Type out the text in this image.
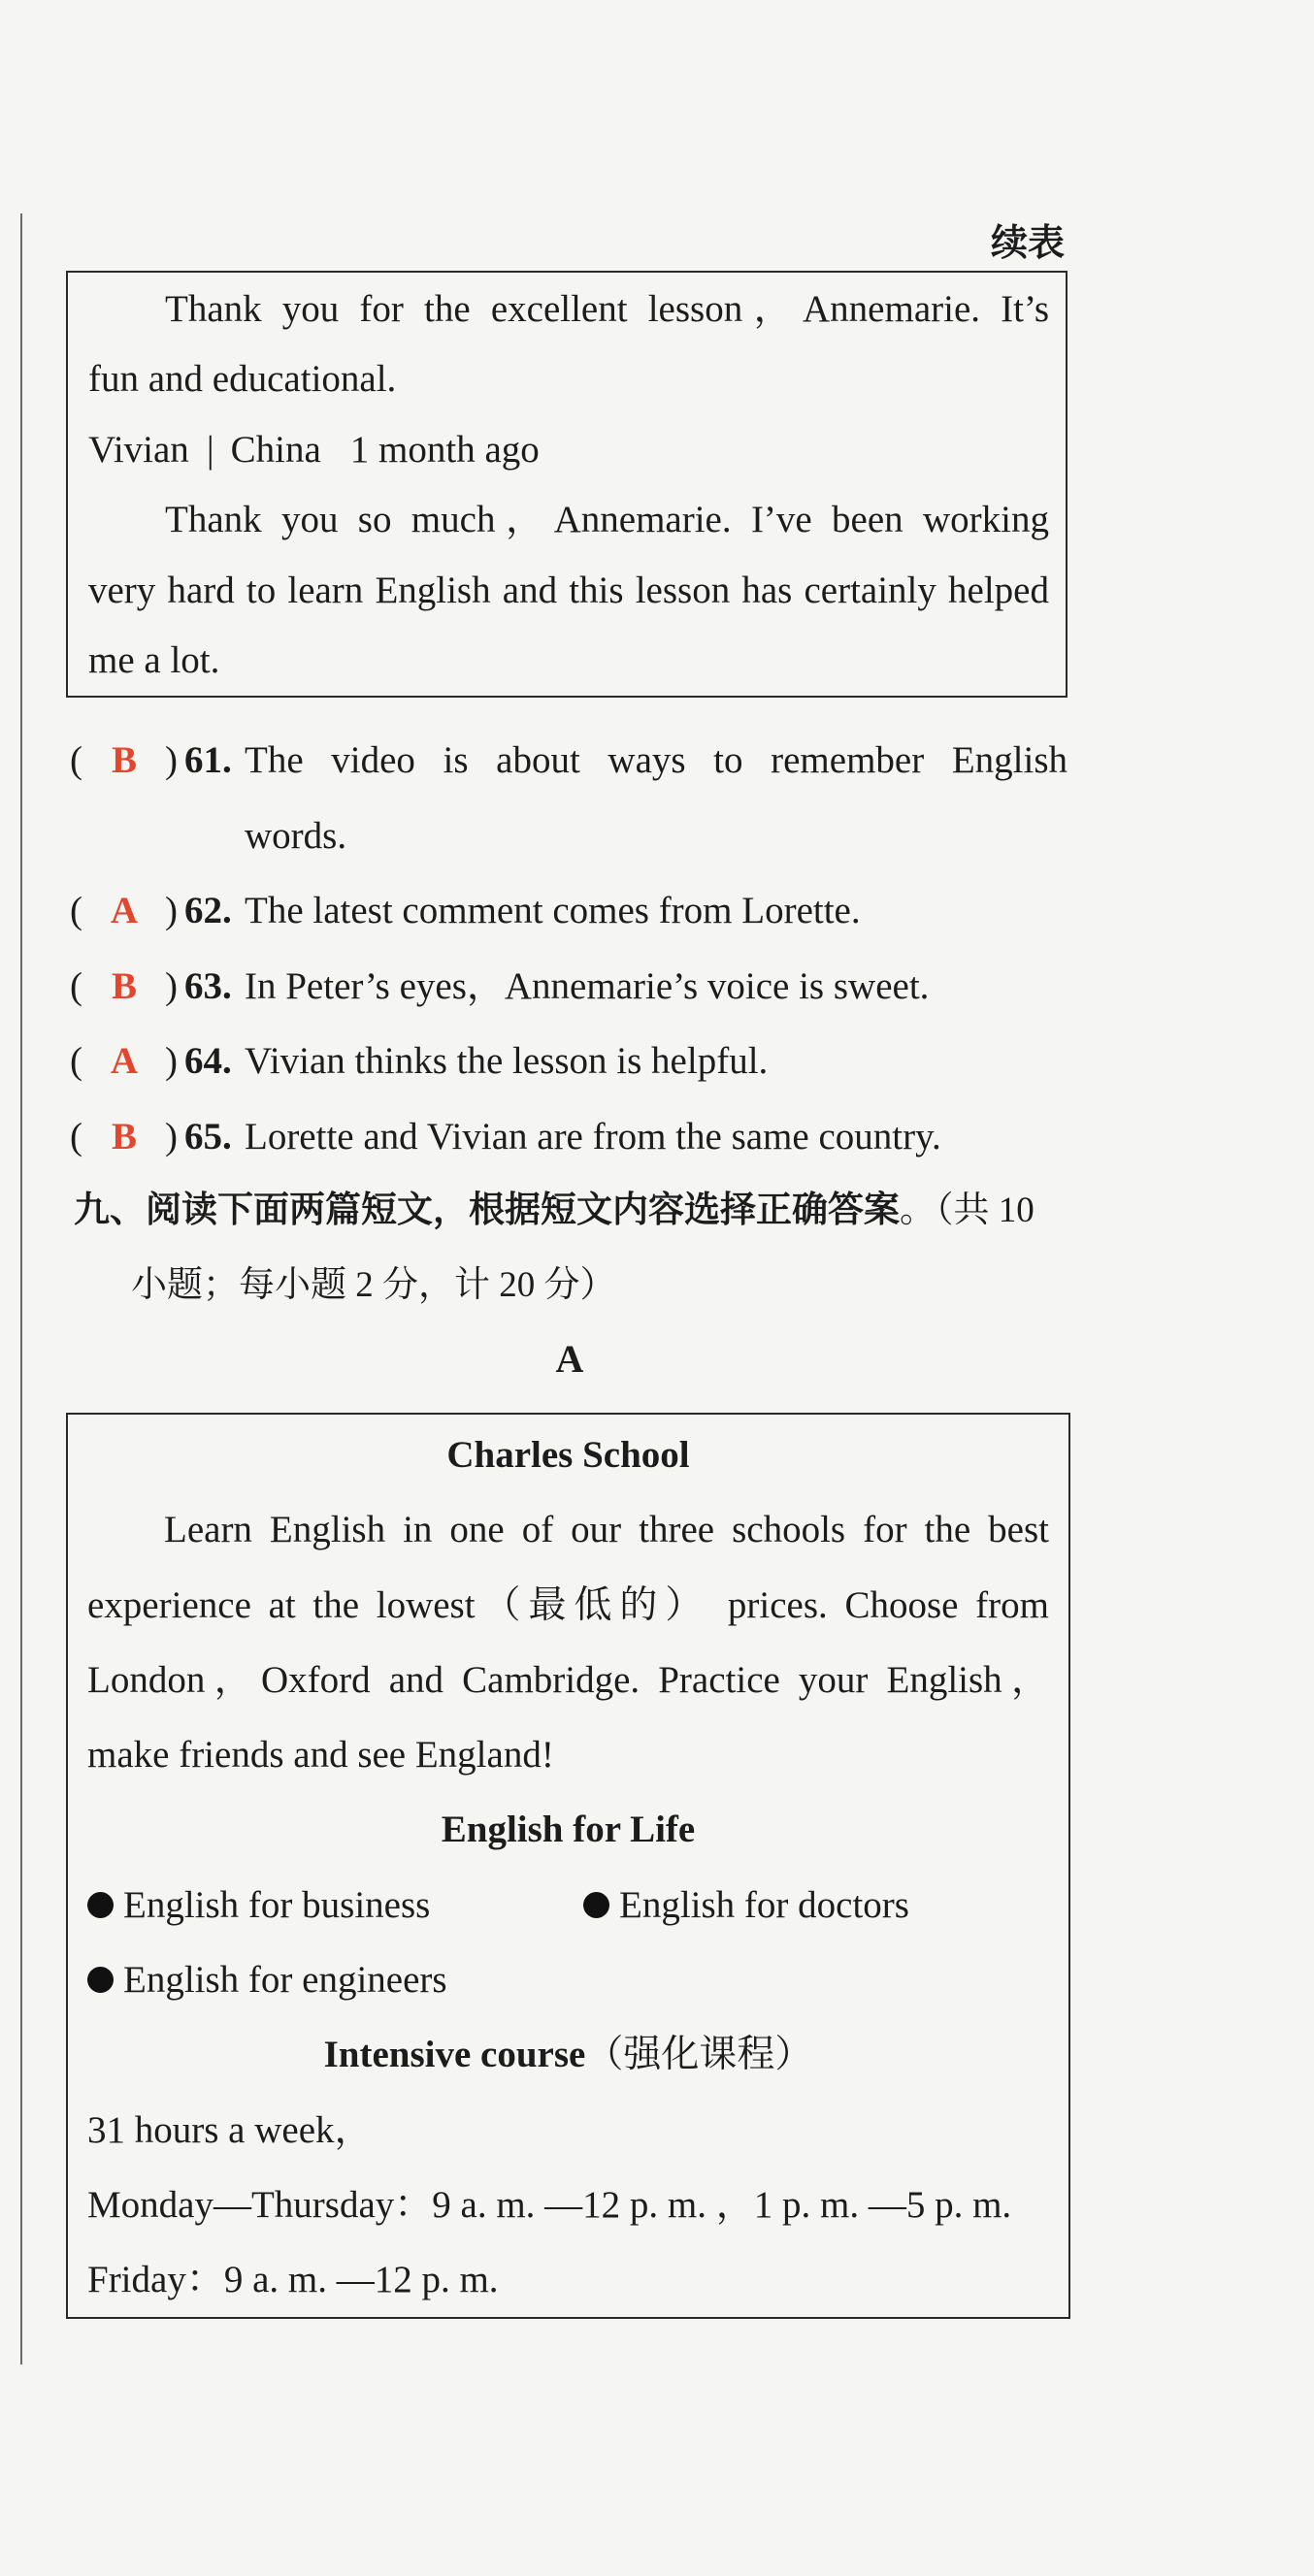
续表
Thank you for the excellent lesson，Annemarie. It’s
fun and educational.
Vivian | China 1 month ago
Thank you so much，Annemarie. I’ve been working
very hard to learn English and this lesson has certainly helped
me a lot.
( B ) 61. The video is about ways to remember English
words.
( A ) 62. The latest comment comes from Lorette.
( B ) 63. In Peter’s eyes，Annemarie’s voice is sweet.
( A ) 64. Vivian thinks the lesson is helpful.
( B ) 65. Lorette and Vivian are from the same country.
九、阅读下面两篇短文，根据短文内容选择正确答案。（共 10
小题；每小题 2 分，计 20 分）
A
Charles School
Learn English in one of our three schools for the best
experience at the lowest（最低的） prices. Choose from
London，Oxford and Cambridge. Practice your English，
make friends and see England!
English for Life
English for business	English for doctors
English for engineers
Intensive course（强化课程）
31 hours a week，
Monday—Thursday：9 a. m. —12 p. m. ，1 p. m. —5 p. m.
Friday：9 a. m. —12 p. m.
